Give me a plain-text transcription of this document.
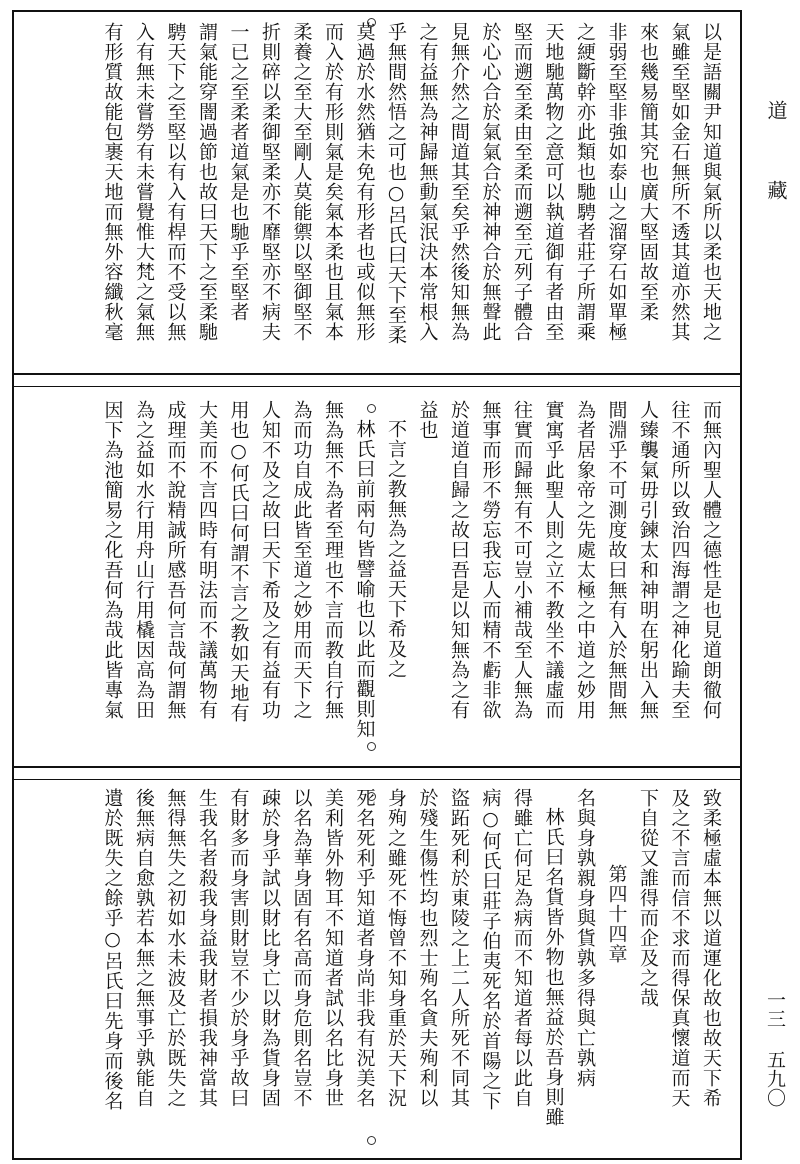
以是語關尹知道與氣所以柔也天地之
氣雖至堅如金石無所不透其道亦然其
來也幾易簡其究也廣大堅固故至柔
非弱至堅非強如泰山之溜穿石如單極
之綆斷幹亦此類也馳騁者莊子所謂乘
天地馳萬物之意可以執道御有者由至
堅而遡至柔由至柔而遡至元列子體合
於心心合於氣氣合於神神合於無聲此
見無介然之間道其至矣乎然後知無為
之有益無為神歸無動氣泯決本常根入
乎無間然悟之可也○呂氏曰天下至柔
莫過於水然猶未免有形者也或似無形
而入於有形則氣是矣氣本柔也且氣本
柔養之至大至剛人莫能禦以堅御堅不
折則碎以柔御堅柔亦不靡堅亦不病夫
一已之至柔者道氣是也馳乎至堅者
謂氣能穿闇過節也故曰天下之至柔馳
騁天下之至堅以有入有桿而不受以無
入有無未嘗勞有未嘗覺惟大梵之氣無
有形質故能包裹天地而無外容纖秋毫
而無內聖人體之德性是也見道朗徹何
往不通所以致治四海謂之神化踰夫至
人臻襲氣毋引鍊太和神明在躬出入無
間淵乎不可測度故曰無有入於無間無
為者居象帝之先處太極之中道之妙用
實寓乎此聖人則之立不教坐不議虛而
往實而歸無有不可豈小補哉至人無為
無事而形不勞忘我忘人而精不虧非欲
於道道自歸之故曰吾是以知無為之有
益也
不言之教無為之益天下希及之
林氏曰前兩句皆譬喻也以此而觀則知
無為無不為者至理也不言而教自行無
為而功自成此皆至道之妙用而天下之
人知不及之故曰天下希及之有益有功
用也○何氏曰何謂不言之教如天地有
大美而不言四時有明法而不議萬物有
成理而不說精誠所感吾何言哉何謂無
為之益如水行用舟山行用橇因高為田
因下為池簡易之化吾何為哉此皆專氣
致柔極虛本無以道運化故也故天下希
及之不言而信不求而得保真懷道而天
下自從又誰得而企及之哉
第四十四章
名與身孰親身與貨孰多得與亡孰病
林氏曰名貨皆外物也無益於吾身則雖
得雖亡何足為病而不知道者每以此自
病○何氏曰莊子伯夷死名於首陽之下
盜跖死利於東陵之上二人所死不同其
於殘生傷性均也烈士殉名貪夫殉利以
身殉之雖死不悔曾不知身重於天下況
死名死利乎知道者身尚非我有況美名
美利皆外物耳不知道者試以名比身世
以名為華身固有名高而身危則名豈不
疎於身乎試以財比身亡以財為貨身固
有財多而身害則財豈不少於身乎故曰
生我名者殺我身益我財者損我神當其
無得無失之初如水未波及亡於既失之
後無病自愈孰若本無之無事乎孰能自
遺於既失之餘乎○呂氏曰先身而後名
道
藏
一三 五九〇
